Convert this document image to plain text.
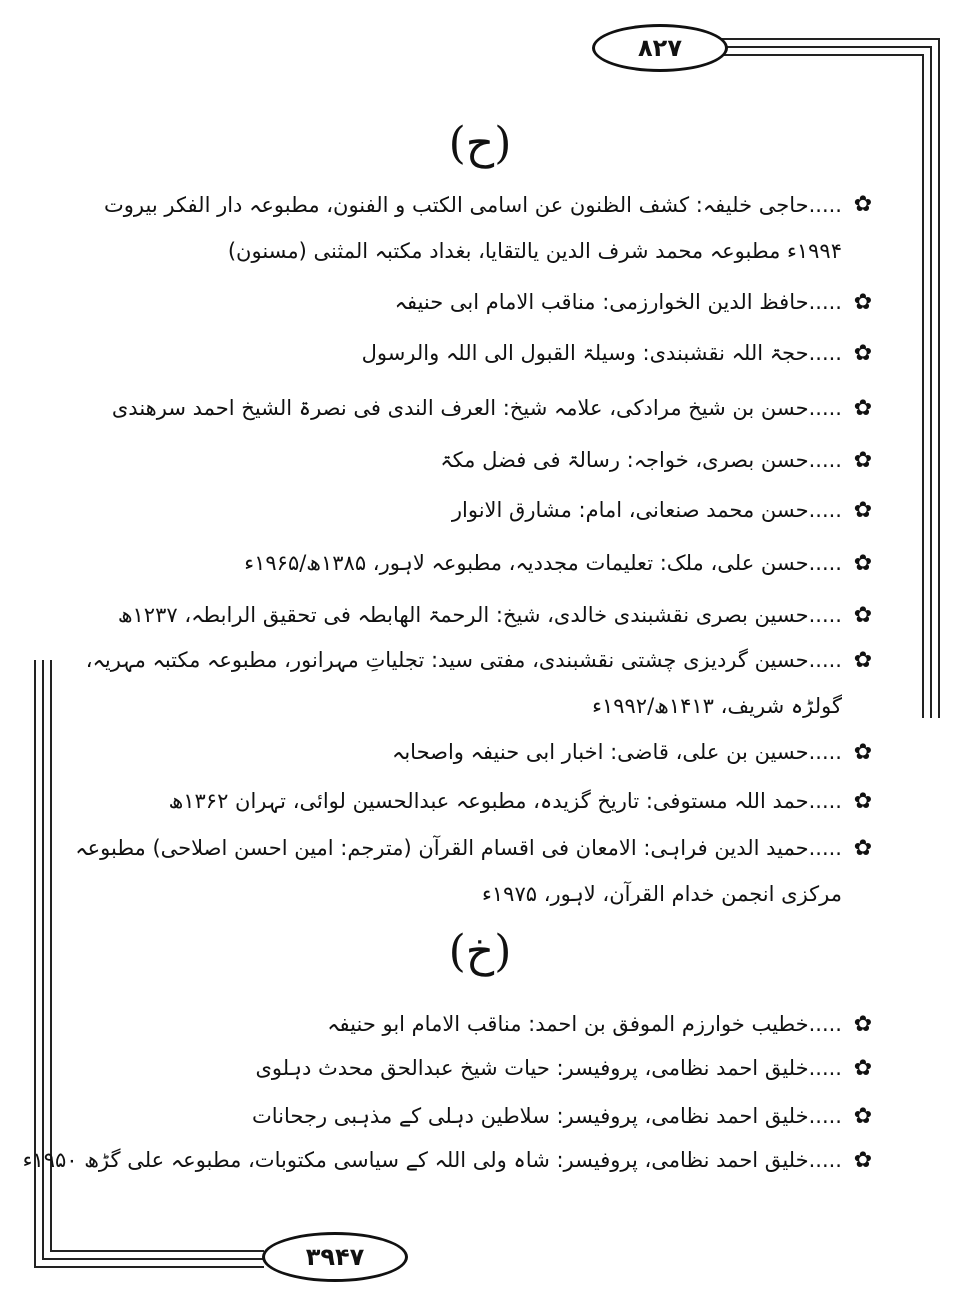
۸۲۷
۳۹۴۷
(ح)
✿
.....حاجی خلیفہ: کشف الظنون عن اسامی الکتب و الفنون، مطبوعہ دار الفکر بیروت ۱۹۹۴ء مطبوعہ محمد شرف الدین یالتقایا، بغداد مکتبہ المثنی (مسنون)
✿
.....حافظ الدین الخوارزمی: مناقب الامام ابی حنیفہ
✿
.....حجۃ اللہ نقشبندی: وسیلۃ القبول الی اللہ والرسول
✿
.....حسن بن شیخ مرادکی، علامہ شیخ: العرف الندی فی نصرۃ الشیخ احمد سرھندی
✿
.....حسن بصری، خواجہ: رسالۃ فی فضل مکۃ
✿
.....حسن محمد صنعانی، امام: مشارق الانوار
✿
.....حسن علی، ملک: تعلیمات مجددیہ، مطبوعہ لاہور، ۱۳۸۵ھ/۱۹۶۵ء
✿
.....حسین بصری نقشبندی خالدی، شیخ: الرحمۃ الھابطہ فی تحقیق الرابطہ، ۱۲۳۷ھ
✿
.....حسین گردیزی چشتی نقشبندی، مفتی سید: تجلیاتِ مہرانور، مطبوعہ مکتبہ مہریہ، گولڑہ شریف، ۱۴۱۳ھ/۱۹۹۲ء
✿
.....حسین بن علی، قاضی: اخبار ابی حنیفہ واصحابہ
✿
.....حمد اللہ مستوفی: تاریخ گزیدہ، مطبوعہ عبدالحسین لوائی، تہران ۱۳۶۲ھ
✿
.....حمید الدین فراہی: الامعان فی اقسام القرآن (مترجم: امین احسن اصلاحی) مطبوعہ مرکزی انجمن خدام القرآن، لاہور، ۱۹۷۵ء
(خ)
✿
.....خطیب خوارزم الموفق بن احمد: مناقب الامام ابو حنیفہ
✿
.....خلیق احمد نظامی، پروفیسر: حیات شیخ عبدالحق محدث دہلوی
✿
.....خلیق احمد نظامی، پروفیسر: سلاطین دہلی کے مذہبی رجحانات
✿
.....خلیق احمد نظامی، پروفیسر: شاہ ولی اللہ کے سیاسی مکتوبات، مطبوعہ علی گڑھ ۱۹۵۰ء
